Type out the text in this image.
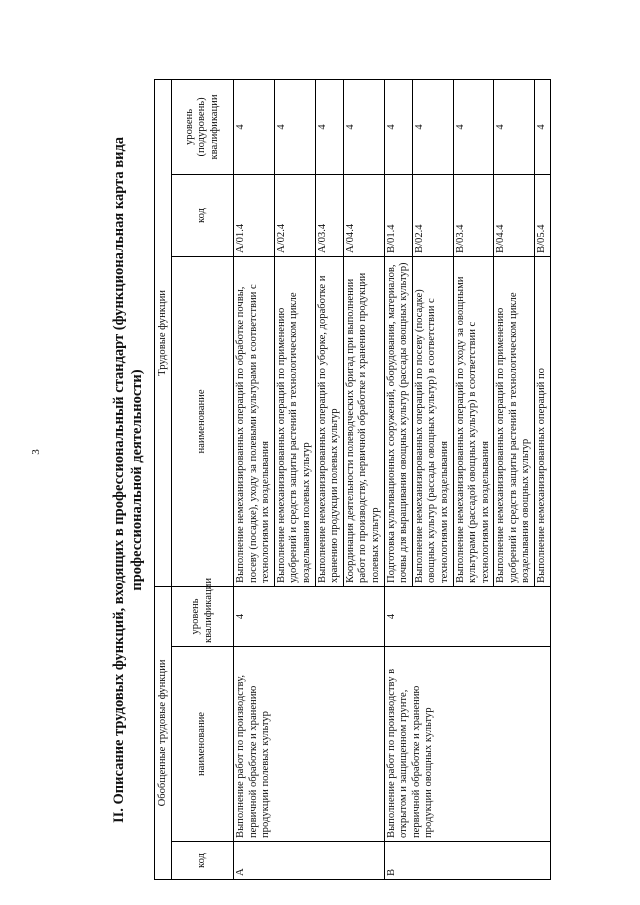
3	II. Описание трудовых функций, входящих в профессиональный стандарт (функциональная карта вида профессиональной деятельности)
Обобщенные трудовые функции			Трудовые функции		
код	наименование	уровень квалификации	наименование	код	уровень (подуровень) квалификации
A	Выполнение работ по производству, первичной обработке и хранению продукции полевых культур	4	Выполнение немеханизированных операций по обработке почвы, посеву (посадке), уходу за полевыми культурами в соответствии с технологиями их возделывания	A/01.4	4
			Выполнение немеханизированных операций по применению удобрений и средств защиты растений в технологическом цикле возделывания полевых культур	A/02.4	4
			Выполнение немеханизированных операций по уборке, доработке и хранению продукции полевых культур	A/03.4	4
			Координация деятельности полеводческих бригад при выполнении работ по производству, первичной обработке и хранению продукции полевых культур	A/04.4	4
B	Выполнение работ по производству в открытом и защищенном грунте, первичной обработке и хранению продукции овощных культур	4	Подготовка культивационных сооружений, оборудования, материалов, почвы для выращивания овощных культур (рассады овощных культур)	B/01.4	4
			Выполнение немеханизированных операций по посеву (посадке) овощных культур (рассады овощных культур) в соответствии с технологиями их возделывания	B/02.4	4
			Выполнение немеханизированных операций по уходу за овощными культурами (рассадой овощных культур) в соответствии с технологиями их возделывания	B/03.4	4
			Выполнение немеханизированных операций по применению удобрений и средств защиты растений в технологическом цикле возделывания овощных культур	B/04.4	4
			Выполнение немеханизированных операций по	B/05.4	4
